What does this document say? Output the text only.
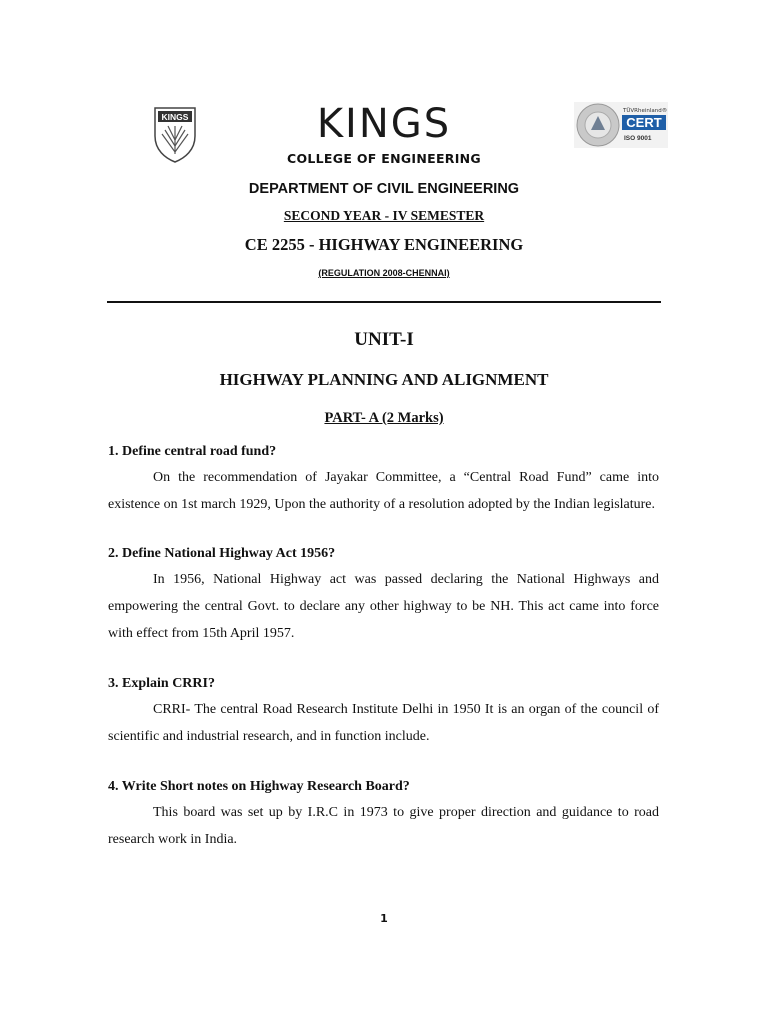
KINGS
TÜVRheinland®
CERT
ISO 9001
KINGS
COLLEGE OF ENGINEERING
DEPARTMENT OF CIVIL ENGINEERING
SECOND YEAR - IV SEMESTER
CE 2255 - HIGHWAY ENGINEERING
(REGULATION 2008-CHENNAI)
UNIT-I
HIGHWAY PLANNING AND ALIGNMENT
PART- A (2 Marks)

1. Define central road fund?

On the recommendation of Jayakar Committee, a “Central Road Fund” came into existence on 1st march 1929, Upon the authority of a resolution adopted by the Indian legislature.

2. Define National Highway Act 1956?

In 1956, National Highway act was passed declaring the National Highways and empowering the central Govt. to declare any other highway to be NH. This act came into force with effect from 15th April 1957.

3. Explain CRRI?

CRRI- The central Road Research Institute Delhi in 1950 It is an organ of the council of scientific and industrial research, and in function include.

4. Write Short notes on Highway Research Board?

This board was set up by I.R.C in 1973 to give proper direction and guidance to road research work in India.

1
